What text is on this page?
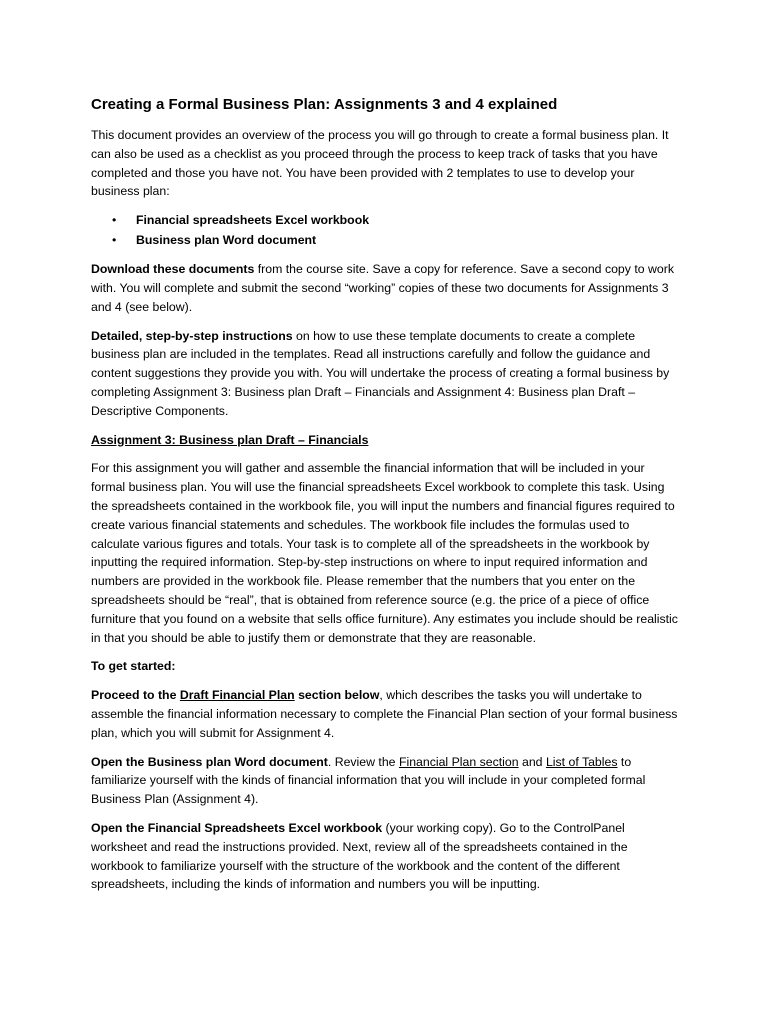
Creating a Formal Business Plan: Assignments 3 and 4 explained

This document provides an overview of the process you will go through to create a formal business plan. It can also be used as a checklist as you proceed through the process to keep track of tasks that you have completed and those you have not. You have been provided with 2 templates to use to develop your business plan:

• Financial spreadsheets Excel workbook
• Business plan Word document

Download these documents from the course site. Save a copy for reference. Save a second copy to work with. You will complete and submit the second “working” copies of these two documents for Assignments 3 and 4 (see below).

Detailed, step-by-step instructions on how to use these template documents to create a complete business plan are included in the templates. Read all instructions carefully and follow the guidance and content suggestions they provide you with. You will undertake the process of creating a formal business by completing Assignment 3: Business plan Draft – Financials and Assignment 4: Business plan Draft – Descriptive Components.

Assignment 3: Business plan Draft – Financials

For this assignment you will gather and assemble the financial information that will be included in your formal business plan. You will use the financial spreadsheets Excel workbook to complete this task. Using the spreadsheets contained in the workbook file, you will input the numbers and financial figures required to create various financial statements and schedules. The workbook file includes the formulas used to calculate various figures and totals. Your task is to complete all of the spreadsheets in the workbook by inputting the required information. Step-by-step instructions on where to input required information and numbers are provided in the workbook file. Please remember that the numbers that you enter on the spreadsheets should be “real”, that is obtained from reference source (e.g. the price of a piece of office furniture that you found on a website that sells office furniture). Any estimates you include should be realistic in that you should be able to justify them or demonstrate that they are reasonable.

To get started:

Proceed to the Draft Financial Plan section below, which describes the tasks you will undertake to assemble the financial information necessary to complete the Financial Plan section of your formal business plan, which you will submit for Assignment 4.

Open the Business plan Word document. Review the Financial Plan section and List of Tables to familiarize yourself with the kinds of financial information that you will include in your completed formal Business Plan (Assignment 4).

Open the Financial Spreadsheets Excel workbook (your working copy). Go to the ControlPanel worksheet and read the instructions provided. Next, review all of the spreadsheets contained in the workbook to familiarize yourself with the structure of the workbook and the content of the different spreadsheets, including the kinds of information and numbers you will be inputting.
